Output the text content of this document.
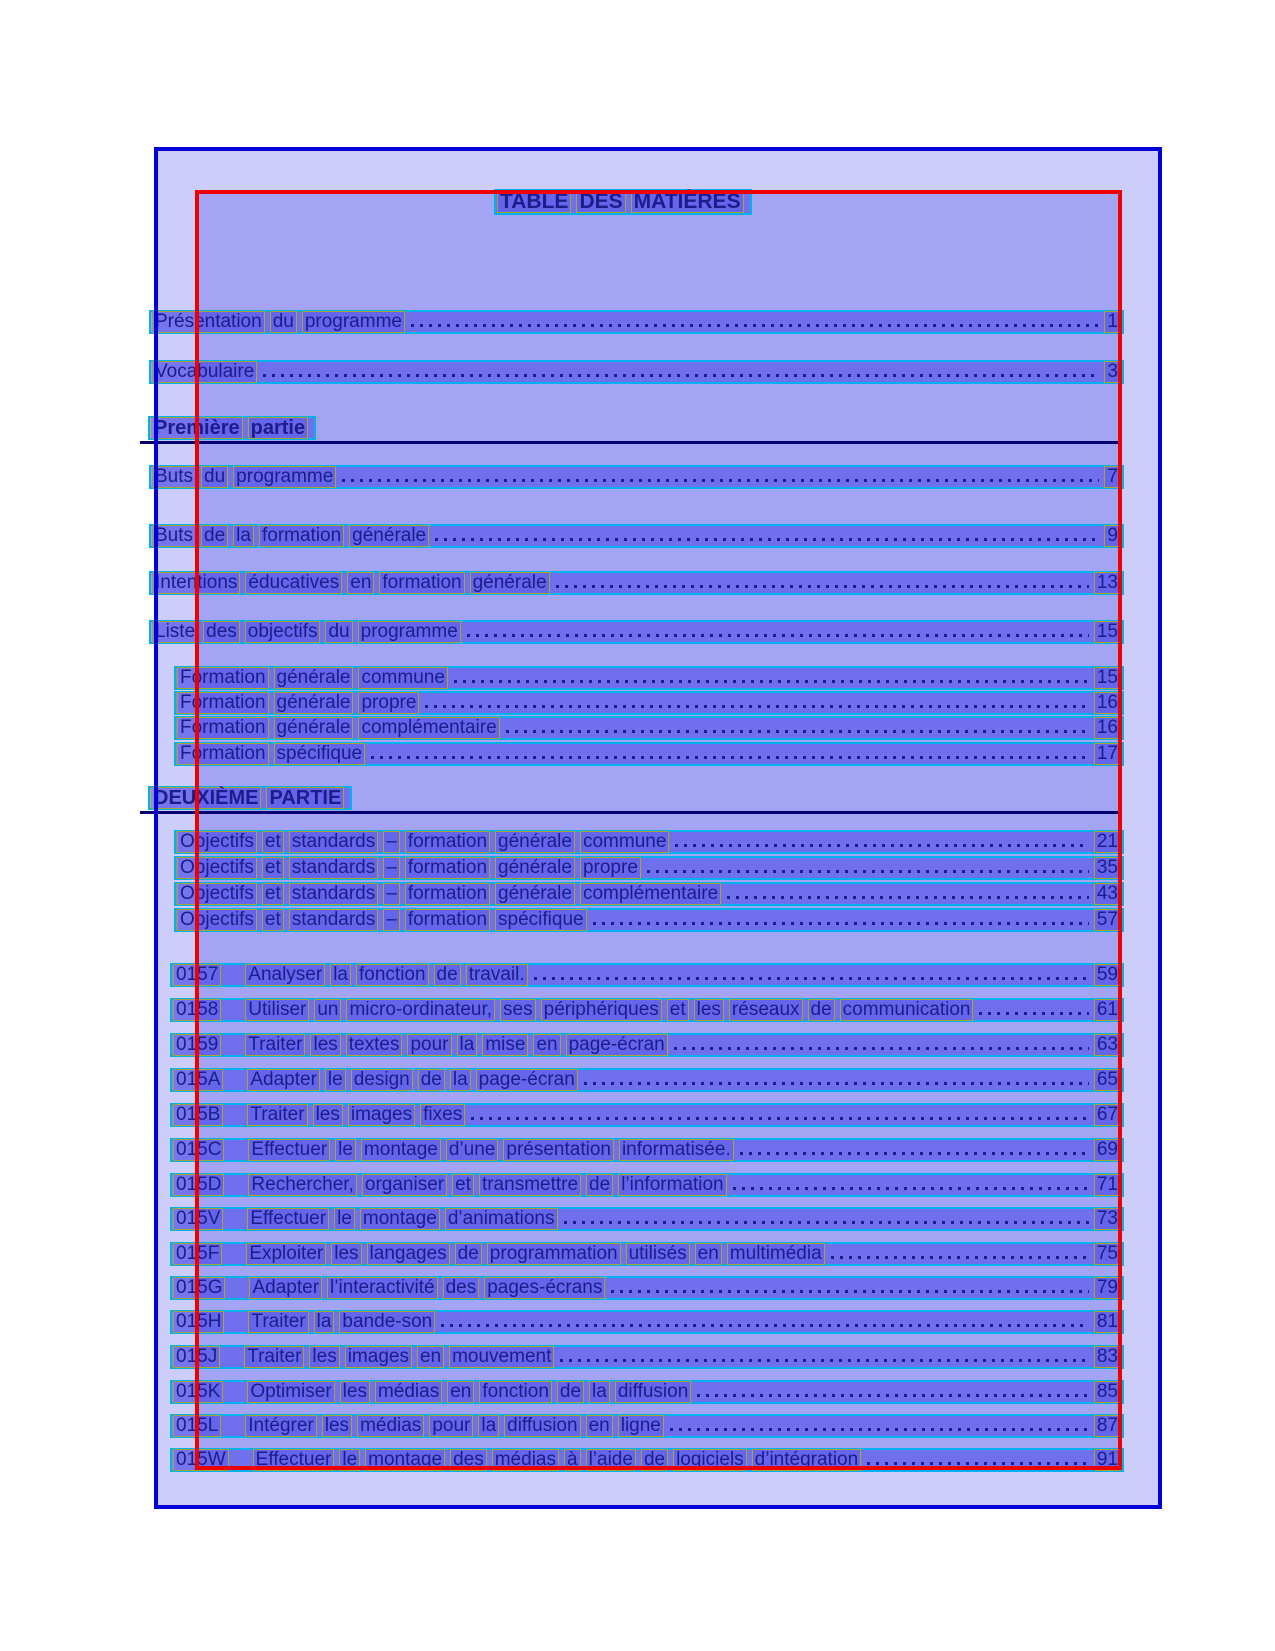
TABLE DES MATIÈRES
Présentation du programme	1
Vocabulaire	3
Première partie
Buts du programme	7
Buts de la formation générale	9
Intentions éducatives en formation générale	13
Liste des objectifs du programme	15
Formation générale commune	15
Formation générale propre	16
Formation générale complémentaire	16
Formation spécifique	17
DEUXIÈME PARTIE
Objectifs et standards – formation générale commune	21
Objectifs et standards – formation générale propre	35
Objectifs et standards – formation générale complémentaire	43
Objectifs et standards – formation spécifique	57
0157 Analyser la fonction de travail.	59
0158 Utiliser un micro-ordinateur, ses périphériques et les réseaux de communication	61
0159 Traiter les textes pour la mise en page-écran	63
015A Adapter le design de la page-écran	65
015B Traiter les images fixes	67
015C Effectuer le montage d’une présentation informatisée.	69
015D Rechercher, organiser et transmettre de l’information	71
015V Effectuer le montage d’animations	73
015F Exploiter les langages de programmation utilisés en multimédia	75
015G Adapter l’interactivité des pages-écrans	79
015H Traiter la bande-son	81
015J Traiter les images en mouvement	83
015K Optimiser les médias en fonction de la diffusion	85
015L Intégrer les médias pour la diffusion en ligne	87
015W Effectuer le montage des médias à l’aide de logiciels d’intégration	91
